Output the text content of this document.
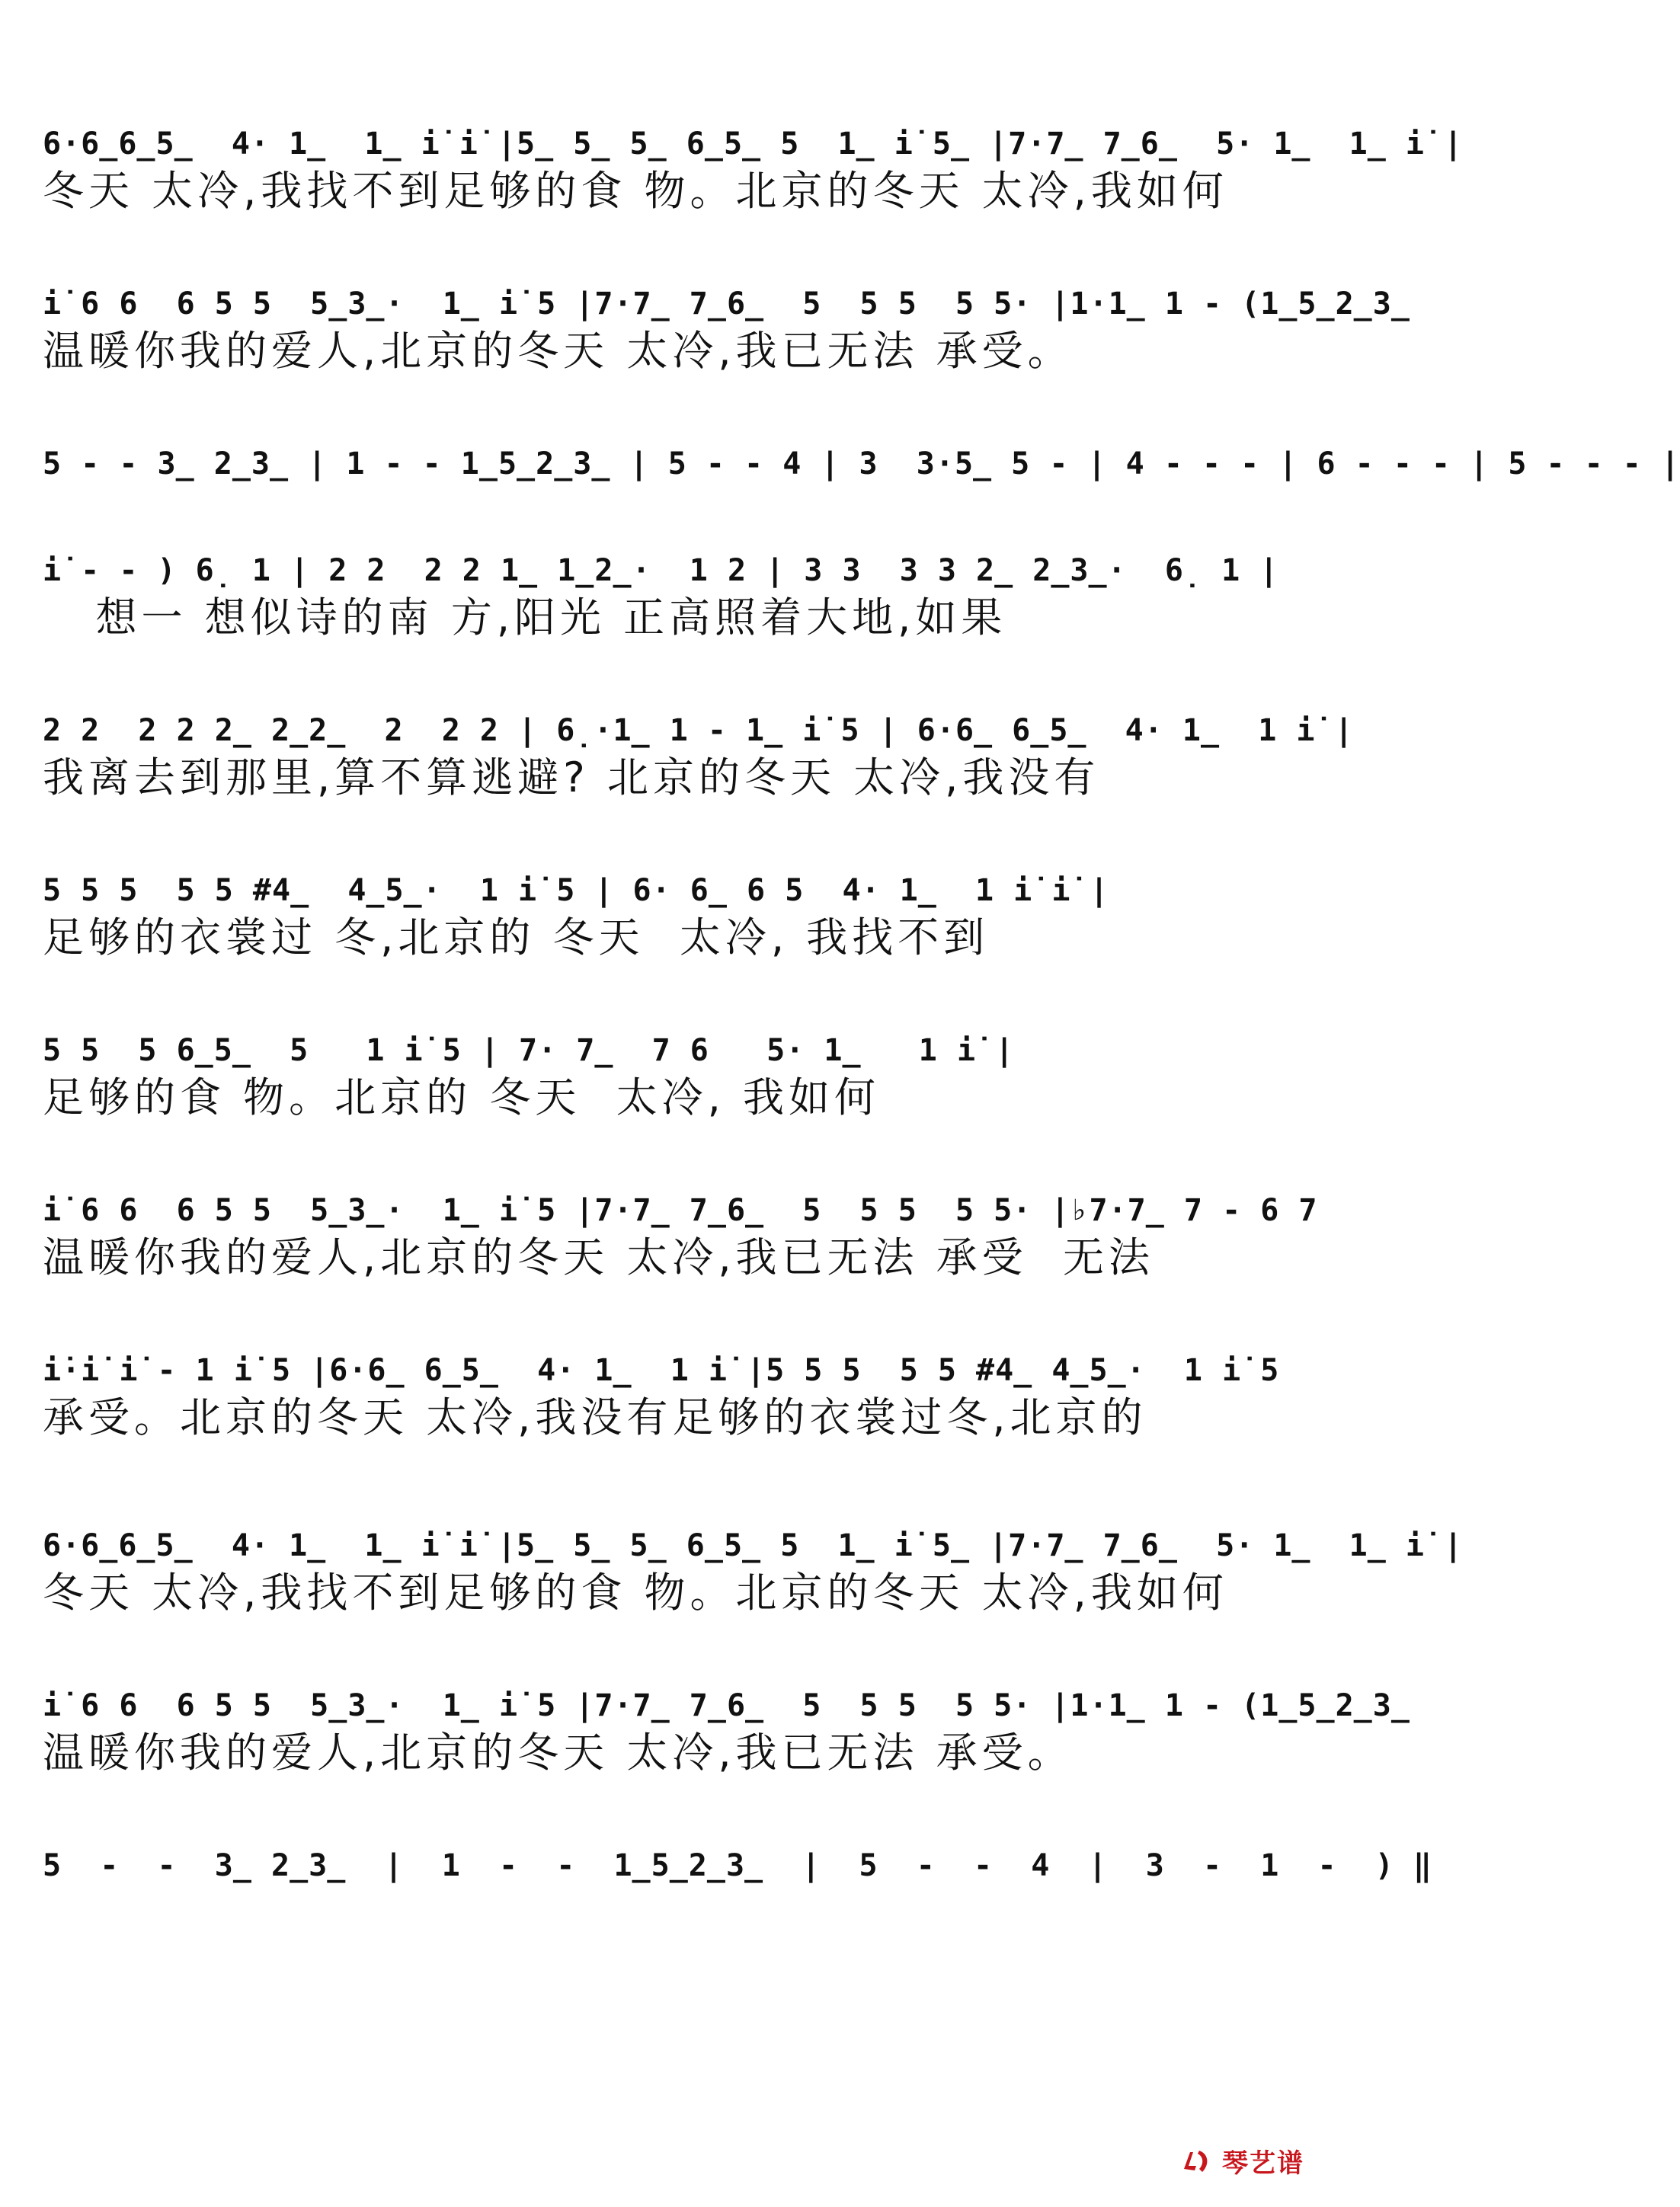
6·6̲6̲5̲  4· 1̲  1̲ i̇ i̇ |5̲ 5̲ 5̲ 6̲5̲ 5  1̲ i̇ 5̲ |7·7̲ 7̲6̲  5· 1̲  1̲ i̇ |
冬天 太冷,我找不到足够的食 物。北京的冬天 太冷,我如何
i̇ 6 6  6 5 5  5̲3̲·  1̲ i̇ 5 |7·7̲ 7̲6̲  5  5 5  5 5· |1·1̲ 1 - (1̲5̲2̲3̲
温暖你我的爱人,北京的冬天 太冷,我已无法 承受。
5 - - 3̲ 2̲3̲ | 1 - - 1̲5̲2̲3̲ | 5 - - 4 | 3  3·5̲ 5 - | 4 - - - | 6 - - - | 5 - - - |
i̇ - - ) 6̣ 1 | 2 2  2 2 1̲ 1̲2̲·  1 2 | 3 3  3 3 2̲ 2̲3̲·  6̣ 1 |
想一 想似诗的南 方,阳光 正高照着大地,如果
2 2  2 2 2̲ 2̲2̲  2  2 2 | 6̣·1̲ 1 - 1̲ i̇ 5 | 6·6̲ 6̲5̲  4· 1̲  1 i̇ |
我离去到那里,算不算逃避? 北京的冬天 太冷,我没有
5 5 5  5 5 #4̲  4̲5̲·  1 i̇ 5 | 6· 6̲ 6 5  4· 1̲  1 i̇ i̇ |
足够的衣裳过 冬,北京的 冬天  太冷, 我找不到
5 5  5 6̲5̲  5   1 i̇ 5 | 7· 7̲  7 6   5· 1̲   1 i̇ |
足够的食 物。北京的 冬天  太冷, 我如何
i̇ 6 6  6 5 5  5̲3̲·  1̲ i̇ 5 |7·7̲ 7̲6̲  5  5 5  5 5· |♭7·7̲ 7 - 6 7
温暖你我的爱人,北京的冬天 太冷,我已无法 承受  无法
i̇·i̇ i̇ - 1 i̇ 5 |6·6̲ 6̲5̲  4· 1̲  1 i̇ |5 5 5  5 5 #4̲ 4̲5̲·  1 i̇ 5
承受。北京的冬天 太冷,我没有足够的衣裳过冬,北京的
6·6̲6̲5̲  4· 1̲  1̲ i̇ i̇ |5̲ 5̲ 5̲ 6̲5̲ 5  1̲ i̇ 5̲ |7·7̲ 7̲6̲  5· 1̲  1̲ i̇ |
冬天 太冷,我找不到足够的食 物。北京的冬天 太冷,我如何
i̇ 6 6  6 5 5  5̲3̲·  1̲ i̇ 5 |7·7̲ 7̲6̲  5  5 5  5 5· |1·1̲ 1 - (1̲5̲2̲3̲
温暖你我的爱人,北京的冬天 太冷,我已无法 承受。
5  -  -  3̲ 2̲3̲  |  1  -  -  1̲5̲2̲3̲  |  5  -  -  4  |  3  -  1  -  ) ‖
琴艺谱
